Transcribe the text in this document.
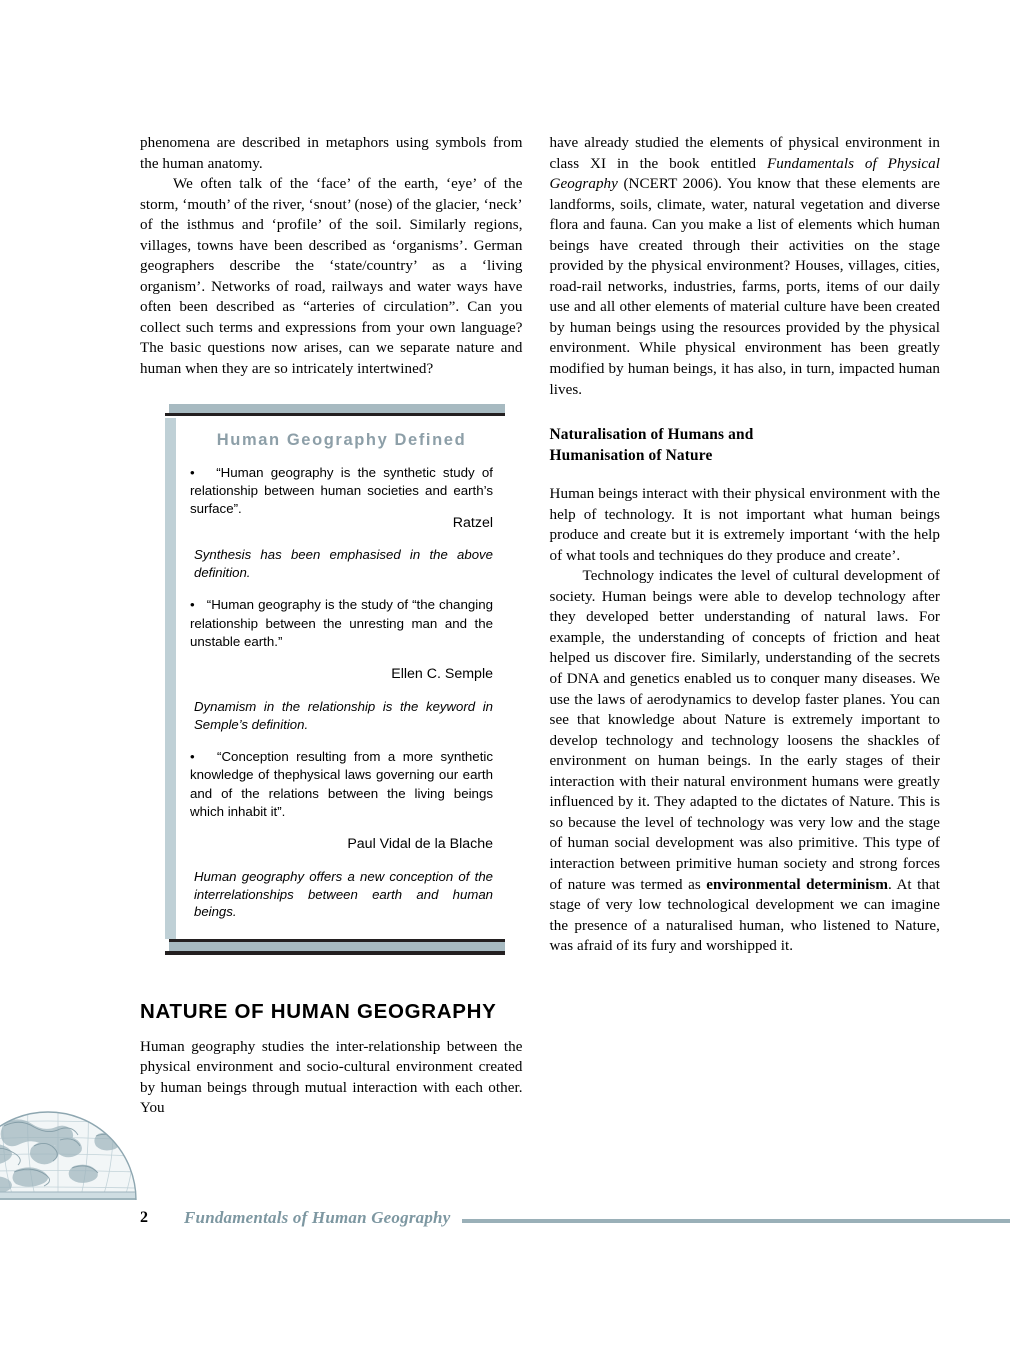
phenomena are described in metaphors using symbols from the human anatomy.

We often talk of the ‘face’ of the earth, ‘eye’ of the storm, ‘mouth’ of the river, ‘snout’ (nose) of the glacier, ‘neck’ of the isthmus and ‘profile’ of the soil. Similarly regions, villages, towns have been described as ‘organisms’. German geographers describe the ‘state/country’ as a ‘living organism’. Networks of road, railways and water ways have often been described as “arteries of circulation”. Can you collect such terms and expressions from your own language? The basic questions now arises, can we separate nature and human when they are so intricately intertwined?

Human Geography Defined

• “Human geography is the synthetic study of relationship between human societies and earth’s surface”.

Ratzel

Synthesis has been emphasised in the above definition.

• “Human geography is the study of “the changing relationship between the unresting man and the unstable earth.”

Ellen C. Semple

Dynamism in the relationship is the keyword in Semple’s definition.

• “Conception resulting from a more synthetic knowledge of thephysical laws governing our earth and of the relations between the living beings which inhabit it”.

Paul Vidal de la Blache

Human geography offers a new conception of the interrelationships between earth and human beings.

NATURE OF HUMAN GEOGRAPHY

Human geography studies the inter-relationship between the physical environment and socio-cultural environment created by human beings through mutual interaction with each other. You

have already studied the elements of physical environment in class XI in the book entitled Fundamentals of Physical Geography (NCERT 2006). You know that these elements are landforms, soils, climate, water, natural vegetation and diverse flora and fauna. Can you make a list of elements which human beings have created through their activities on the stage provided by the physical environment? Houses, villages, cities, road-rail networks, industries, farms, ports, items of our daily use and all other elements of material culture have been created by human beings using the resources provided by the physical environment. While physical environment has been greatly modified by human beings, it has also, in turn, impacted human lives.

Naturalisation of Humans and
Humanisation of Nature

Human beings interact with their physical environment with the help of technology. It is not important what human beings produce and create but it is extremely important ‘with the help of what tools and techniques do they produce and create’.

Technology indicates the level of cultural development of society. Human beings were able to develop technology after they developed better understanding of natural laws. For example, the understanding of concepts of friction and heat helped us discover fire. Similarly, understanding of the secrets of DNA and genetics enabled us to conquer many diseases. We use the laws of aerodynamics to develop faster planes. You can see that knowledge about Nature is extremely important to develop technology and technology loosens the shackles of environment on human beings. In the early stages of their interaction with their natural environment humans were greatly influenced by it. They adapted to the dictates of Nature. This is so because the level of technology was very low and the stage of human social development was also primitive. This type of interaction between primitive human society and strong forces of nature was termed as environmental determinism. At that stage of very low technological development we can imagine the presence of a naturalised human, who listened to Nature, was afraid of its fury and worshipped it.

2	Fundamentals of Human Geography
